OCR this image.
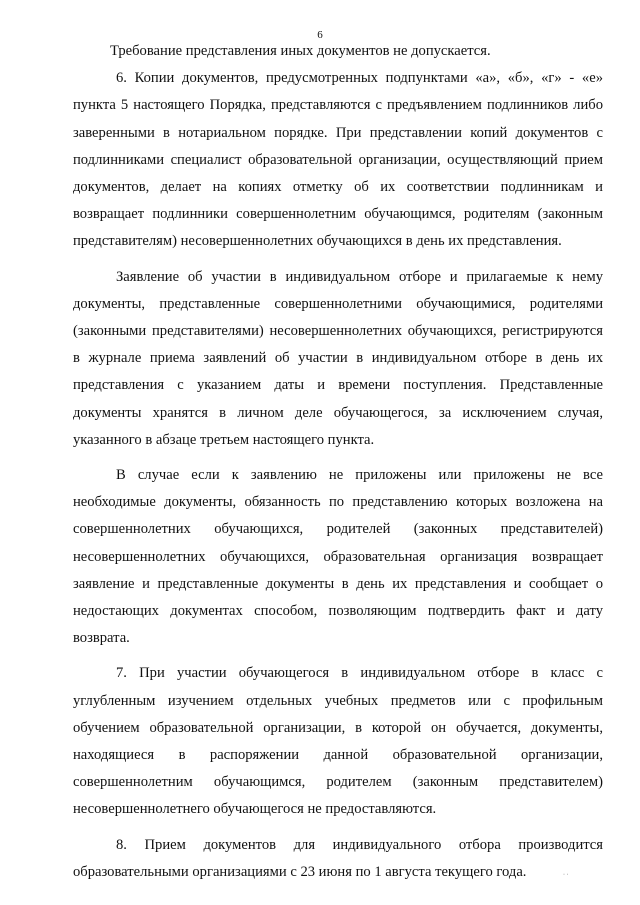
6

Требование представления иных документов не допускается.

6. Копии документов, предусмотренных подпунктами «а», «б», «г» - «е» пункта 5 настоящего Порядка, представляются с предъявлением подлинников либо заверенными в нотариальном порядке. При представлении копий документов с подлинниками специалист образовательной организации, осуществляющий прием документов, делает на копиях отметку об их соответствии подлинникам и возвращает подлинники совершеннолетним обучающимся, родителям (законным представителям) несовершеннолетних обучающихся в день их представления.

Заявление об участии в индивидуальном отборе и прилагаемые к нему документы, представленные совершеннолетними обучающимися, родителями (законными представителями) несовершеннолетних обучающихся, регистрируются в журнале приема заявлений об участии в индивидуальном отборе в день их представления с указанием даты и времени поступления. Представленные документы хранятся в личном деле обучающегося, за исключением случая, указанного в абзаце третьем настоящего пункта.

В случае если к заявлению не приложены или приложены не все необходимые документы, обязанность по представлению которых возложена на совершеннолетних обучающихся, родителей (законных представителей) несовершеннолетних обучающихся, образовательная организация возвращает заявление и представленные документы в день их представления и сообщает о недостающих документах способом, позволяющим подтвердить факт и дату возврата.

7. При участии обучающегося в индивидуальном отборе в класс с углубленным изучением отдельных учебных предметов или с профильным обучением образовательной организации, в которой он обучается, документы, находящиеся в распоряжении данной образовательной организации, совершеннолетним обучающимся, родителем (законным представителем) несовершеннолетнего обучающегося не предоставляются.

8. Прием документов для индивидуального отбора производится образовательными организациями с 23 июня по 1 августа текущего года.	· ·
